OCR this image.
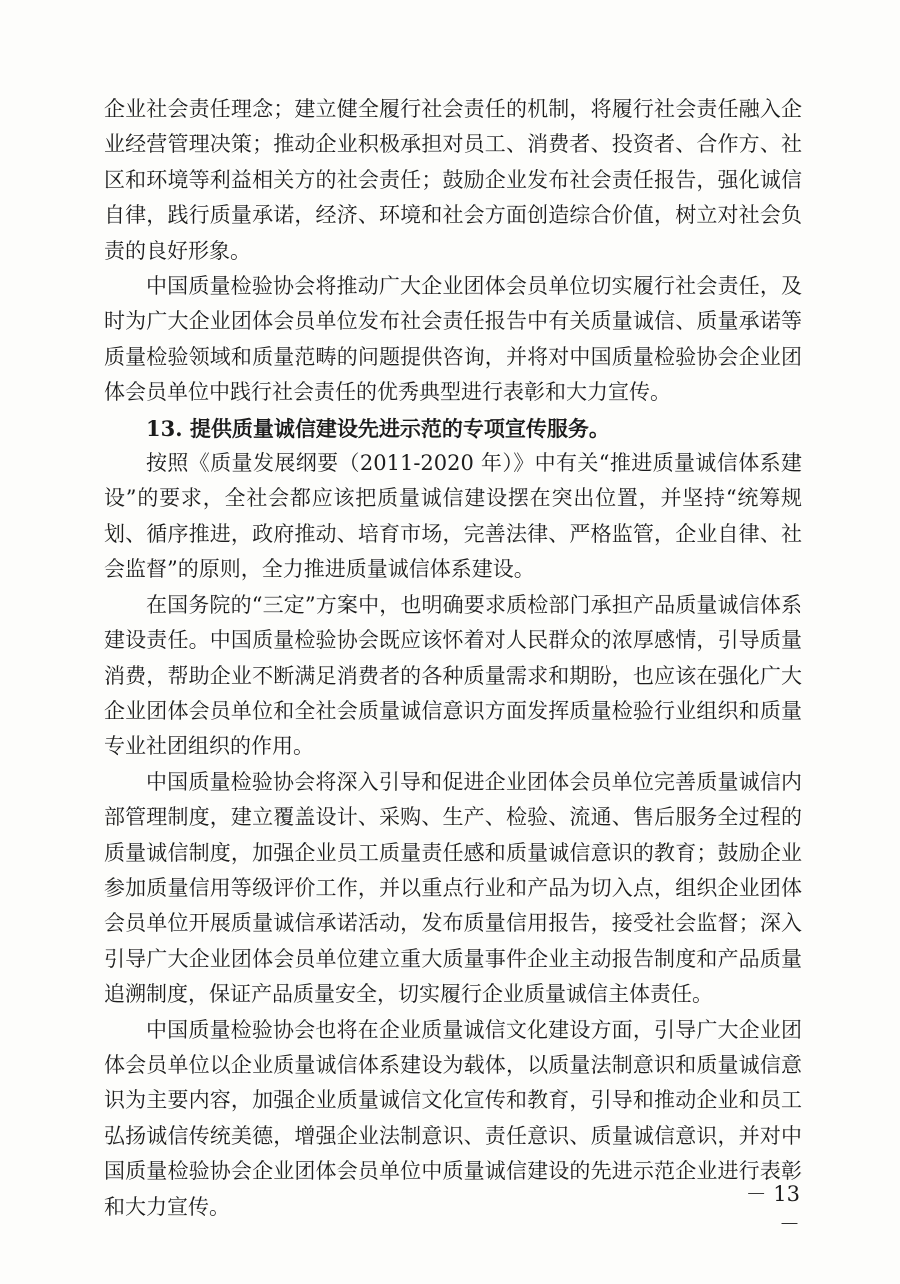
企业社会责任理念；建立健全履行社会责任的机制，将履行社会责任融入企业经营管理决策；推动企业积极承担对员工、消费者、投资者、合作方、社区和环境等利益相关方的社会责任；鼓励企业发布社会责任报告，强化诚信自律，践行质量承诺，经济、环境和社会方面创造综合价值，树立对社会负责的良好形象。

中国质量检验协会将推动广大企业团体会员单位切实履行社会责任，及时为广大企业团体会员单位发布社会责任报告中有关质量诚信、质量承诺等质量检验领域和质量范畴的问题提供咨询，并将对中国质量检验协会企业团体会员单位中践行社会责任的优秀典型进行表彰和大力宣传。

13. 提供质量诚信建设先进示范的专项宣传服务。

按照《质量发展纲要（2011-2020 年）》中有关“推进质量诚信体系建设”的要求，全社会都应该把质量诚信建设摆在突出位置，并坚持“统筹规划、循序推进，政府推动、培育市场，完善法律、严格监管，企业自律、社会监督”的原则，全力推进质量诚信体系建设。

在国务院的“三定”方案中，也明确要求质检部门承担产品质量诚信体系建设责任。中国质量检验协会既应该怀着对人民群众的浓厚感情，引导质量消费，帮助企业不断满足消费者的各种质量需求和期盼，也应该在强化广大企业团体会员单位和全社会质量诚信意识方面发挥质量检验行业组织和质量专业社团组织的作用。

中国质量检验协会将深入引导和促进企业团体会员单位完善质量诚信内部管理制度，建立覆盖设计、采购、生产、检验、流通、售后服务全过程的质量诚信制度，加强企业员工质量责任感和质量诚信意识的教育；鼓励企业参加质量信用等级评价工作，并以重点行业和产品为切入点，组织企业团体会员单位开展质量诚信承诺活动，发布质量信用报告，接受社会监督；深入引导广大企业团体会员单位建立重大质量事件企业主动报告制度和产品质量追溯制度，保证产品质量安全，切实履行企业质量诚信主体责任。

中国质量检验协会也将在企业质量诚信文化建设方面，引导广大企业团体会员单位以企业质量诚信体系建设为载体，以质量法制意识和质量诚信意识为主要内容，加强企业质量诚信文化宣传和教育，引导和推动企业和员工弘扬诚信传统美德，增强企业法制意识、责任意识、质量诚信意识，并对中国质量检验协会企业团体会员单位中质量诚信建设的先进示范企业进行表彰和大力宣传。

－ 13 －
